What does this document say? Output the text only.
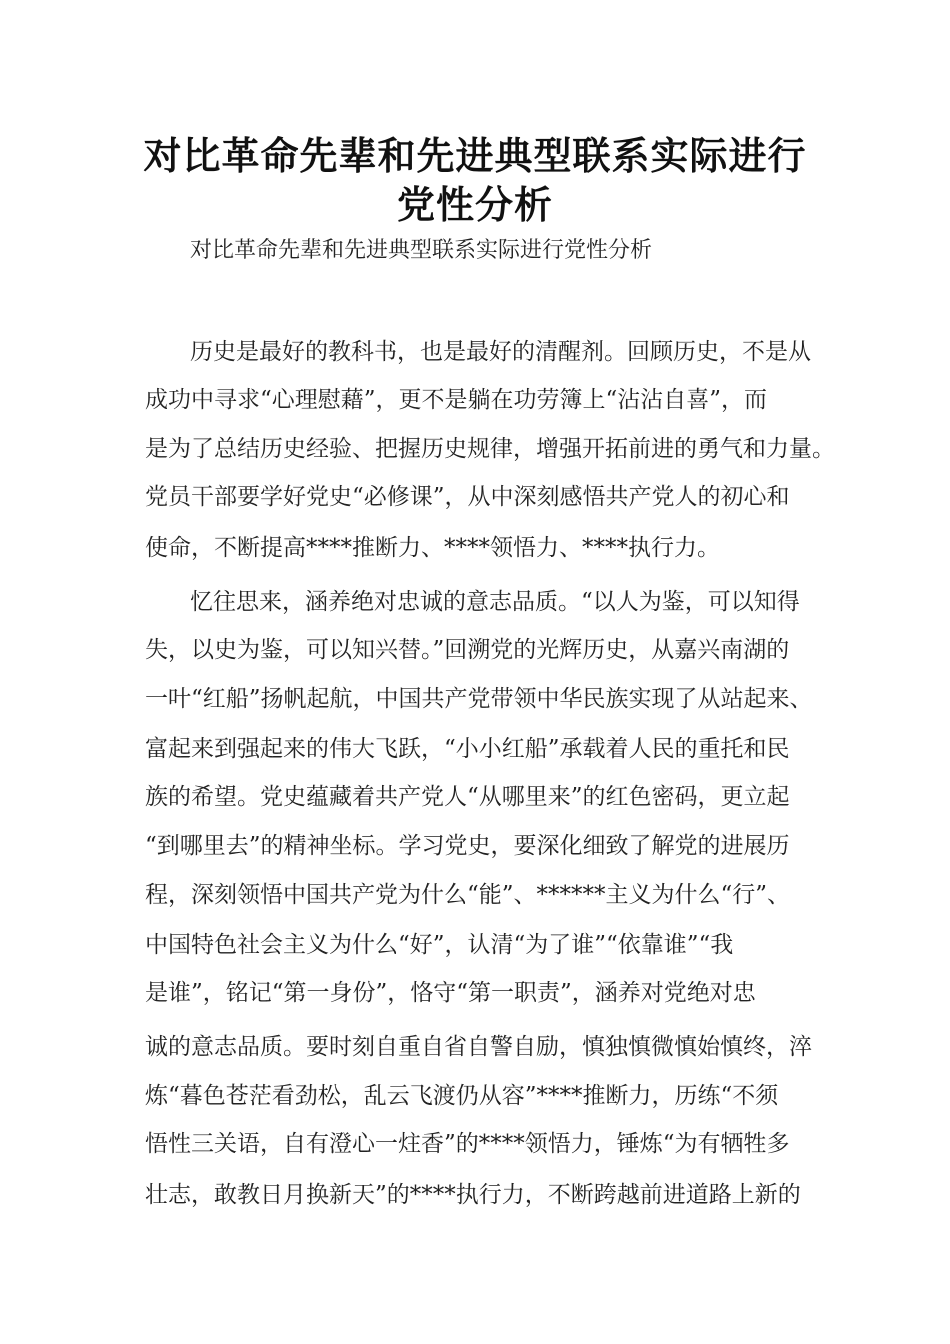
对比革命先辈和先进典型联系实际进行
党性分析
对比革命先辈和先进典型联系实际进行党性分析
历史是最好的教科书，也是最好的清醒剂。回顾历史，不是从
成功中寻求“心理慰藉”，更不是躺在功劳簿上“沾沾自喜”，而
是为了总结历史经验、把握历史规律，增强开拓前进的勇气和力量。
党员干部要学好党史“必修课”，从中深刻感悟共产党人的初心和
使命，不断提高****推断力、****领悟力、****执行力。
忆往思来，涵养绝对忠诚的意志品质。“以人为鉴，可以知得
失，以史为鉴，可以知兴替。”回溯党的光辉历史，从嘉兴南湖的
一叶“红船”扬帆起航，中国共产党带领中华民族实现了从站起来、
富起来到强起来的伟大飞跃，“小小红船”承载着人民的重托和民
族的希望。党史蕴藏着共产党人“从哪里来”的红色密码，更立起
“到哪里去”的精神坐标。学习党史，要深化细致了解党的进展历
程，深刻领悟中国共产党为什么“能”、******主义为什么“行”、
中国特色社会主义为什么“好”，认清“为了谁”“依靠谁”“我
是谁”，铭记“第一身份”，恪守“第一职责”，涵养对党绝对忠
诚的意志品质。要时刻自重自省自警自励，慎独慎微慎始慎终，淬
炼“暮色苍茫看劲松，乱云飞渡仍从容”****推断力，历练“不须
悟性三关语，自有澄心一炷香”的****领悟力，锤炼“为有牺牲多
壮志，敢教日月换新天”的****执行力，不断跨越前进道路上新的
